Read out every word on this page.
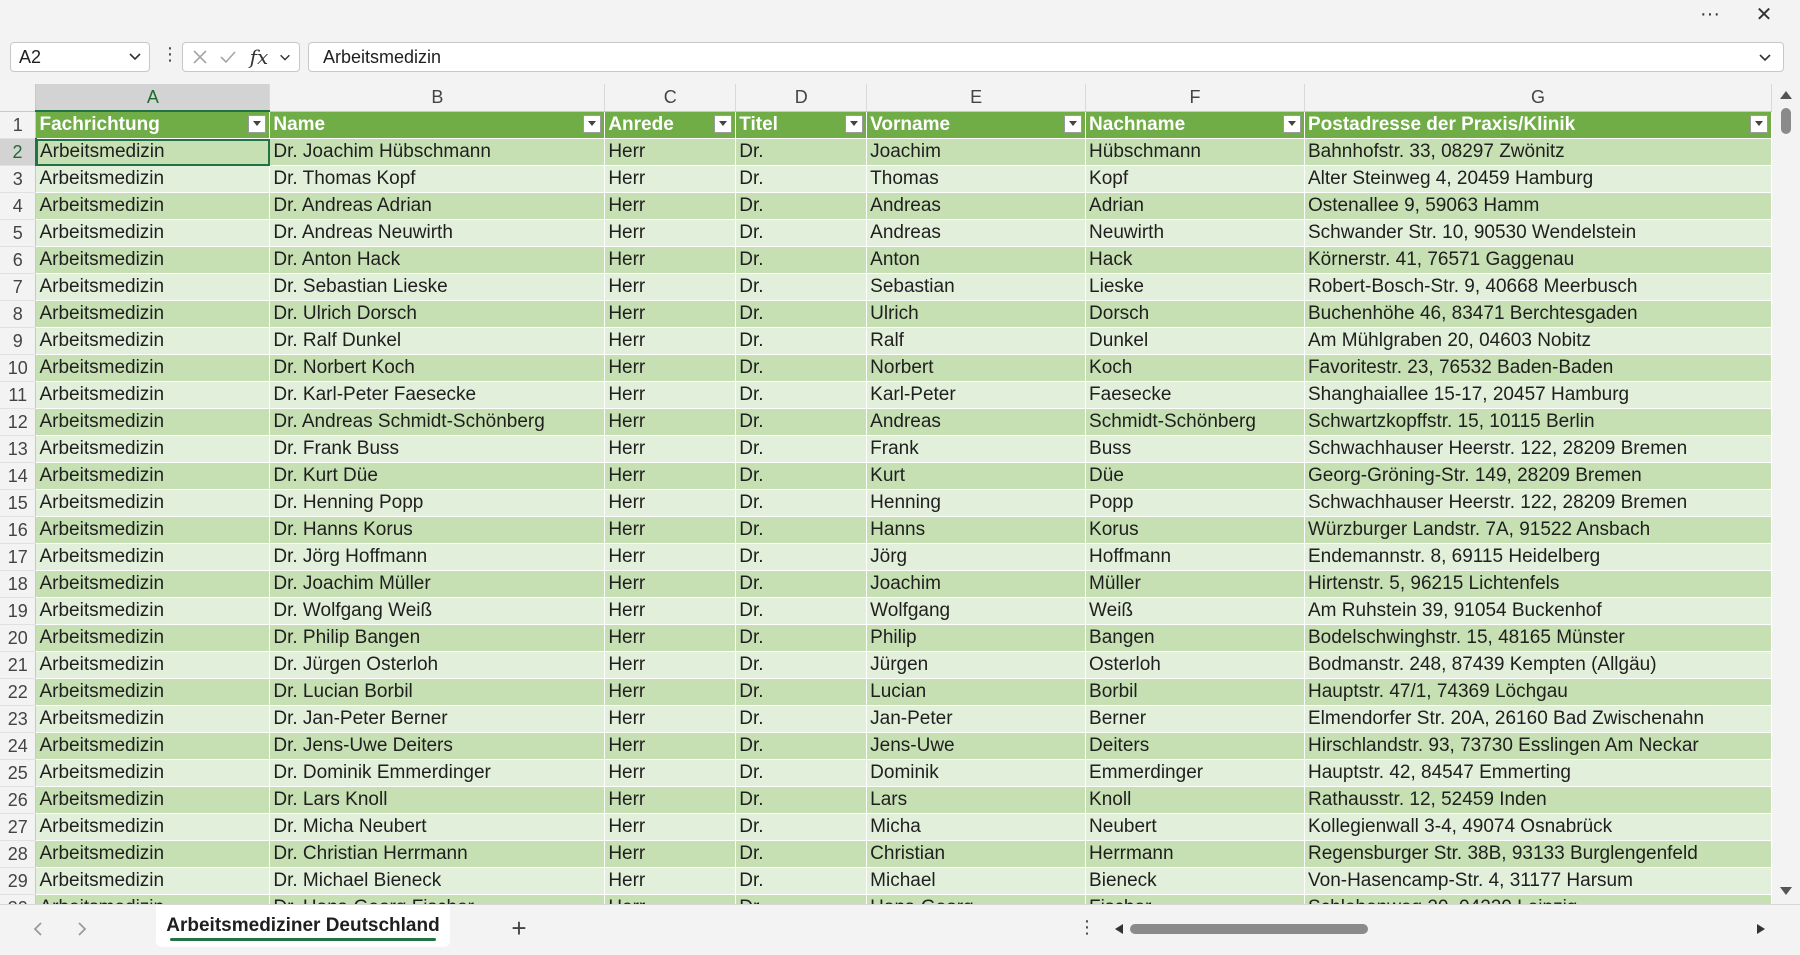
··· ✕
A2	⋮	fx	Arbeitsmedizin
	A	B	C	D	E	F	G
1	Fachrichtung	Name	Anrede	Titel	Vorname	Nachname	Postadresse der Praxis/Klinik

2	Arbeitsmedizin	Dr. Joachim Hübschmann	Herr	Dr.	Joachim	Hübschmann	Bahnhofstr. 33, 08297 Zwönitz
3	Arbeitsmedizin	Dr. Thomas Kopf	Herr	Dr.	Thomas	Kopf	Alter Steinweg 4, 20459 Hamburg
4	Arbeitsmedizin	Dr. Andreas Adrian	Herr	Dr.	Andreas	Adrian	Ostenallee 9, 59063 Hamm
5	Arbeitsmedizin	Dr. Andreas Neuwirth	Herr	Dr.	Andreas	Neuwirth	Schwander Str. 10, 90530 Wendelstein
6	Arbeitsmedizin	Dr. Anton Hack	Herr	Dr.	Anton	Hack	Körnerstr. 41, 76571 Gaggenau
7	Arbeitsmedizin	Dr. Sebastian Lieske	Herr	Dr.	Sebastian	Lieske	Robert-Bosch-Str. 9, 40668 Meerbusch
8	Arbeitsmedizin	Dr. Ulrich Dorsch	Herr	Dr.	Ulrich	Dorsch	Buchenhöhe 46, 83471 Berchtesgaden
9	Arbeitsmedizin	Dr. Ralf Dunkel	Herr	Dr.	Ralf	Dunkel	Am Mühlgraben 20, 04603 Nobitz
10	Arbeitsmedizin	Dr. Norbert Koch	Herr	Dr.	Norbert	Koch	Favoritestr. 23, 76532 Baden-Baden
11	Arbeitsmedizin	Dr. Karl-Peter Faesecke	Herr	Dr.	Karl-Peter	Faesecke	Shanghaiallee 15-17, 20457 Hamburg
12	Arbeitsmedizin	Dr. Andreas Schmidt-Schönberg	Herr	Dr.	Andreas	Schmidt-Schönberg	Schwartzkopffstr. 15, 10115 Berlin
13	Arbeitsmedizin	Dr. Frank Buss	Herr	Dr.	Frank	Buss	Schwachhauser Heerstr. 122, 28209 Bremen
14	Arbeitsmedizin	Dr. Kurt Düe	Herr	Dr.	Kurt	Düe	Georg-Gröning-Str. 149, 28209 Bremen
15	Arbeitsmedizin	Dr. Henning Popp	Herr	Dr.	Henning	Popp	Schwachhauser Heerstr. 122, 28209 Bremen
16	Arbeitsmedizin	Dr. Hanns Korus	Herr	Dr.	Hanns	Korus	Würzburger Landstr. 7A, 91522 Ansbach
17	Arbeitsmedizin	Dr. Jörg Hoffmann	Herr	Dr.	Jörg	Hoffmann	Endemannstr. 8, 69115 Heidelberg
18	Arbeitsmedizin	Dr. Joachim Müller	Herr	Dr.	Joachim	Müller	Hirtenstr. 5, 96215 Lichtenfels
19	Arbeitsmedizin	Dr. Wolfgang Weiß	Herr	Dr.	Wolfgang	Weiß	Am Ruhstein 39, 91054 Buckenhof
20	Arbeitsmedizin	Dr. Philip Bangen	Herr	Dr.	Philip	Bangen	Bodelschwinghstr. 15, 48165 Münster
21	Arbeitsmedizin	Dr. Jürgen Osterloh	Herr	Dr.	Jürgen	Osterloh	Bodmanstr. 248, 87439 Kempten (Allgäu)
22	Arbeitsmedizin	Dr. Lucian Borbil	Herr	Dr.	Lucian	Borbil	Hauptstr. 47/1, 74369 Löchgau
23	Arbeitsmedizin	Dr. Jan-Peter Berner	Herr	Dr.	Jan-Peter	Berner	Elmendorfer Str. 20A, 26160 Bad Zwischenahn
24	Arbeitsmedizin	Dr. Jens-Uwe Deiters	Herr	Dr.	Jens-Uwe	Deiters	Hirschlandstr. 93, 73730 Esslingen Am Neckar
25	Arbeitsmedizin	Dr. Dominik Emmerdinger	Herr	Dr.	Dominik	Emmerdinger	Hauptstr. 42, 84547 Emmerting
26	Arbeitsmedizin	Dr. Lars Knoll	Herr	Dr.	Lars	Knoll	Rathausstr. 12, 52459 Inden
27	Arbeitsmedizin	Dr. Micha Neubert	Herr	Dr.	Micha	Neubert	Kollegienwall 3-4, 49074 Osnabrück
28	Arbeitsmedizin	Dr. Christian Herrmann	Herr	Dr.	Christian	Herrmann	Regensburger Str. 38B, 93133 Burglengenfeld
29	Arbeitsmedizin	Dr. Michael Bieneck	Herr	Dr.	Michael	Bieneck	Von-Hasencamp-Str. 4, 31177 Harsum

Arbeitsmediziner Deutschland	+	⋮
